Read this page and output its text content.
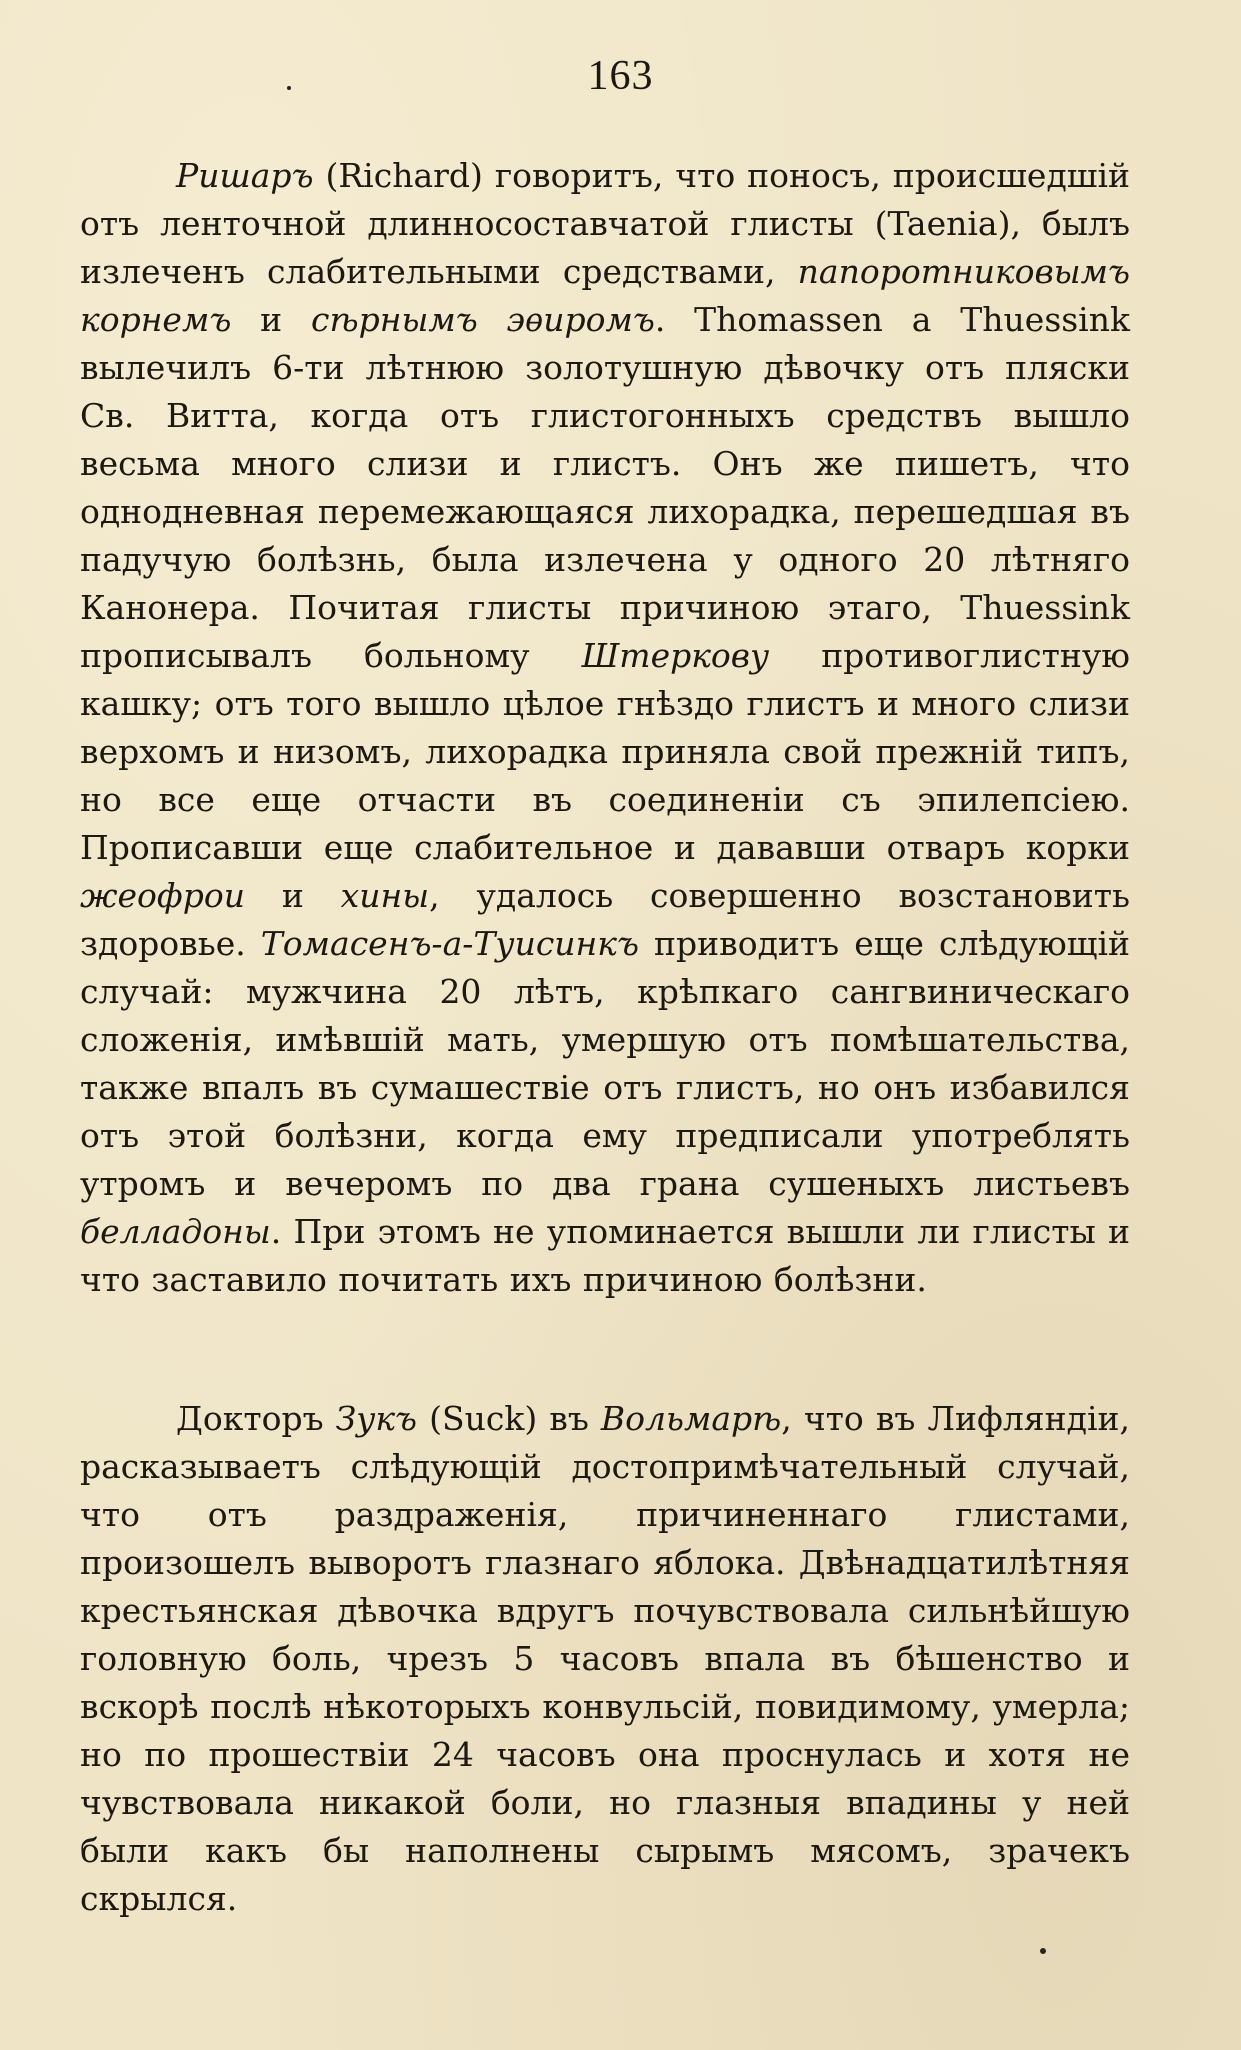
163

Ришаръ (Richard) говоритъ, что поносъ, происшедшій отъ ленточной длинносоставчатой глисты (Taenia), былъ излеченъ слабительными средствами, папоротниковымъ корнемъ и сѣрнымъ эѳиромъ. Thomassen a Thuessink вылечилъ 6-ти лѣтнюю золотушную дѣвочку отъ пляски Св. Витта, когда отъ глистогонныхъ средствъ вышло весьма много слизи и глистъ. Онъ же пишетъ, что однодневная перемежающаяся лихорадка, перешедшая въ падучую болѣзнь, была излечена у одного 20 лѣтняго Канонера. Почитая глисты причиною этаго, Thuessink прописывалъ больному Штеркову противоглистную кашку; отъ того вышло цѣлое гнѣздо глистъ и много слизи верхомъ и низомъ, лихорадка приняла свой прежній типъ, но все еще отчасти въ соединеніи съ эпилепсіею. Прописавши еще слабительное и дававши отваръ корки жеофрои и хины, удалось совершенно возстановить здоровье. Томасенъ-а-Туисинкъ приводитъ еще слѣдующій случай: мужчина 20 лѣтъ, крѣпкаго сангвиническаго сложенія, имѣвшій мать, умершую отъ помѣшательства, также впалъ въ сумашествіе отъ глистъ, но онъ избавился отъ этой болѣзни, когда ему предписали употреблять утромъ и вечеромъ по два грана сушеныхъ листьевъ белладоны. При этомъ не упоминается вышли ли глисты и что заставило почитать ихъ причиною болѣзни.

Докторъ Зукъ (Suck) въ Вольмарѣ, что въ Лифляндіи, расказываетъ слѣдующій достопримѣчательный случай, что отъ раздраженія, причиненнаго глистами, произошелъ выворотъ глазнаго яблока. Двѣнадцатилѣтняя крестьянская дѣвочка вдругъ почувствовала сильнѣйшую головную боль, чрезъ 5 часовъ впала въ бѣшенство и вскорѣ послѣ нѣкоторыхъ конвульсій, повидимому, умерла; но по прошествіи 24 часовъ она проснулась и хотя не чувствовала никакой боли, но глазныя впадины у ней были какъ бы наполнены сырымъ мясомъ, зрачекъ скрылся.
